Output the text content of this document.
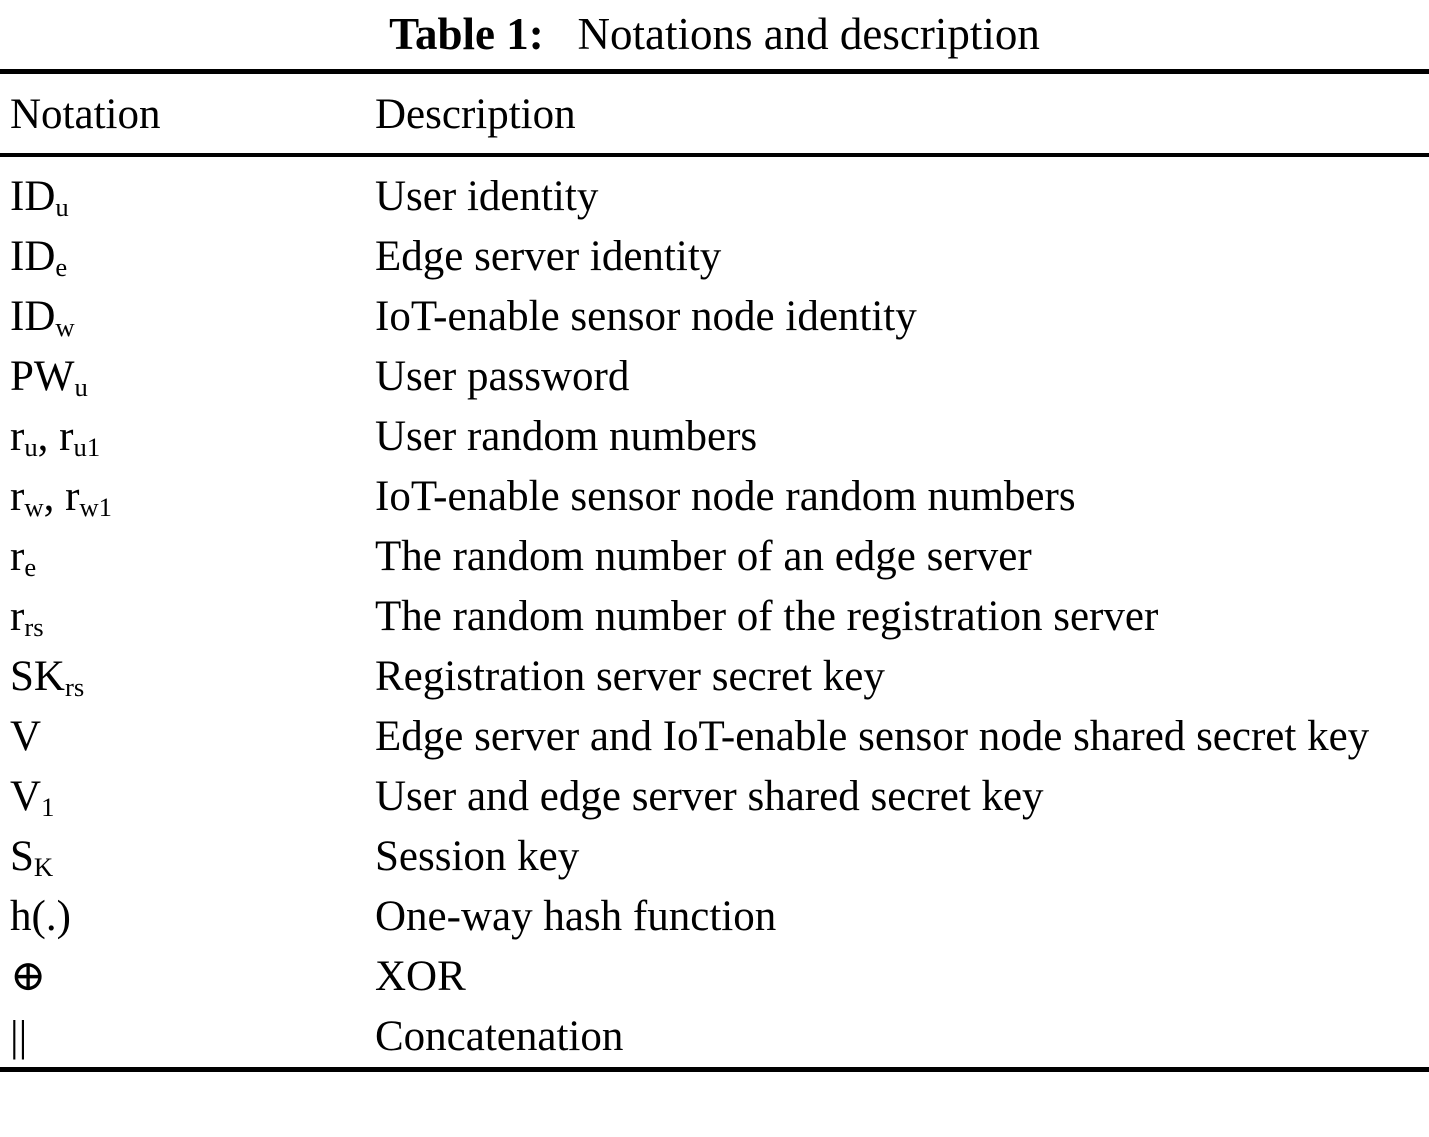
Table 1: Notations and description
Notation	Description
$ID_u$	User identity
$ID_e$	Edge server identity
$ID_w$	IoT-enable sensor node identity
$PW_u$	User password
$r_u$, $r_{u1}$	User random numbers
$r_w$, $r_{w1}$	IoT-enable sensor node random numbers
$r_e$	The random number of an edge server
$r_{rs}$	The random number of the registration server
$SK_{rs}$	Registration server secret key
V	Edge server and IoT-enable sensor node shared secret key
$V_1$	User and edge server shared secret key
$S_K$	Session key
h(.)	One-way hash function
⊕	XOR
||	Concatenation
